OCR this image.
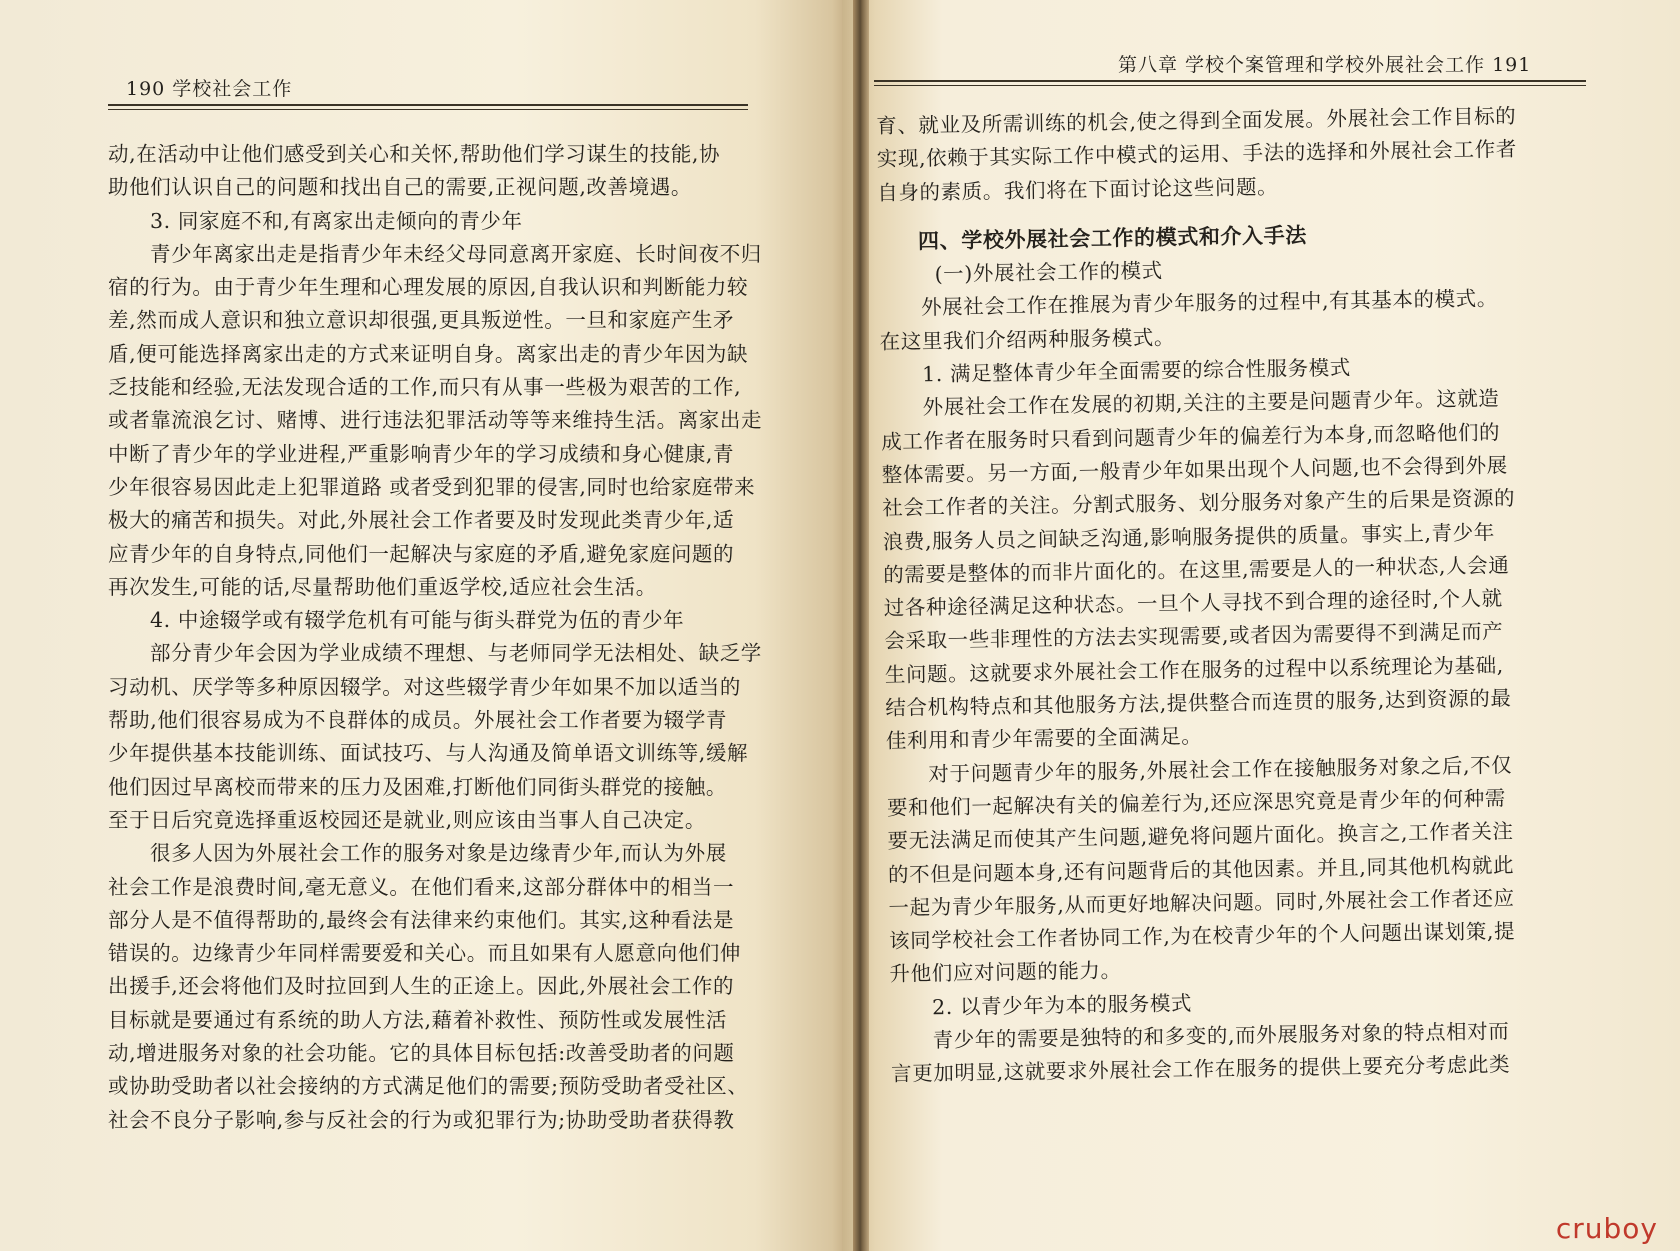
190 学校社会工作
动,在活动中让他们感受到关心和关怀,帮助他们学习谋生的技能,协
助他们认识自己的问题和找出自己的需要,正视问题,改善境遇。
3. 同家庭不和,有离家出走倾向的青少年
青少年离家出走是指青少年未经父母同意离开家庭、长时间夜不归
宿的行为。由于青少年生理和心理发展的原因,自我认识和判断能力较
差,然而成人意识和独立意识却很强,更具叛逆性。一旦和家庭产生矛
盾,便可能选择离家出走的方式来证明自身。离家出走的青少年因为缺
乏技能和经验,无法发现合适的工作,而只有从事一些极为艰苦的工作,
或者靠流浪乞讨、赌博、进行违法犯罪活动等等来维持生活。离家出走
中断了青少年的学业进程,严重影响青少年的学习成绩和身心健康,青
少年很容易因此走上犯罪道路 或者受到犯罪的侵害,同时也给家庭带来
极大的痛苦和损失。对此,外展社会工作者要及时发现此类青少年,适
应青少年的自身特点,同他们一起解决与家庭的矛盾,避免家庭问题的
再次发生,可能的话,尽量帮助他们重返学校,适应社会生活。
4. 中途辍学或有辍学危机有可能与街头群党为伍的青少年
部分青少年会因为学业成绩不理想、与老师同学无法相处、缺乏学
习动机、厌学等多种原因辍学。对这些辍学青少年如果不加以适当的
帮助,他们很容易成为不良群体的成员。外展社会工作者要为辍学青
少年提供基本技能训练、面试技巧、与人沟通及简单语文训练等,缓解
他们因过早离校而带来的压力及困难,打断他们同街头群党的接触。
至于日后究竟选择重返校园还是就业,则应该由当事人自己决定。
很多人因为外展社会工作的服务对象是边缘青少年,而认为外展
社会工作是浪费时间,毫无意义。在他们看来,这部分群体中的相当一
部分人是不值得帮助的,最终会有法律来约束他们。其实,这种看法是
错误的。边缘青少年同样需要爱和关心。而且如果有人愿意向他们伸
出援手,还会将他们及时拉回到人生的正途上。因此,外展社会工作的
目标就是要通过有系统的助人方法,藉着补救性、预防性或发展性活
动,增进服务对象的社会功能。它的具体目标包括:改善受助者的问题
或协助受助者以社会接纳的方式满足他们的需要;预防受助者受社区、
社会不良分子影响,参与反社会的行为或犯罪行为;协助受助者获得教
第八章 学校个案管理和学校外展社会工作 191
育、就业及所需训练的机会,使之得到全面发展。外展社会工作目标的
实现,依赖于其实际工作中模式的运用、手法的选择和外展社会工作者
自身的素质。我们将在下面讨论这些问题。
四、学校外展社会工作的模式和介入手法
(一)外展社会工作的模式
外展社会工作在推展为青少年服务的过程中,有其基本的模式。
在这里我们介绍两种服务模式。
1. 满足整体青少年全面需要的综合性服务模式
外展社会工作在发展的初期,关注的主要是问题青少年。这就造
成工作者在服务时只看到问题青少年的偏差行为本身,而忽略他们的
整体需要。另一方面,一般青少年如果出现个人问题,也不会得到外展
社会工作者的关注。分割式服务、划分服务对象产生的后果是资源的
浪费,服务人员之间缺乏沟通,影响服务提供的质量。事实上,青少年
的需要是整体的而非片面化的。在这里,需要是人的一种状态,人会通
过各种途径满足这种状态。一旦个人寻找不到合理的途径时,个人就
会采取一些非理性的方法去实现需要,或者因为需要得不到满足而产
生问题。这就要求外展社会工作在服务的过程中以系统理论为基础,
结合机构特点和其他服务方法,提供整合而连贯的服务,达到资源的最
佳利用和青少年需要的全面满足。
对于问题青少年的服务,外展社会工作在接触服务对象之后,不仅
要和他们一起解决有关的偏差行为,还应深思究竟是青少年的何种需
要无法满足而使其产生问题,避免将问题片面化。换言之,工作者关注
的不但是问题本身,还有问题背后的其他因素。并且,同其他机构就此
一起为青少年服务,从而更好地解决问题。同时,外展社会工作者还应
该同学校社会工作者协同工作,为在校青少年的个人问题出谋划策,提
升他们应对问题的能力。
2. 以青少年为本的服务模式
青少年的需要是独特的和多变的,而外展服务对象的特点相对而
言更加明显,这就要求外展社会工作在服务的提供上要充分考虑此类
cruboy
